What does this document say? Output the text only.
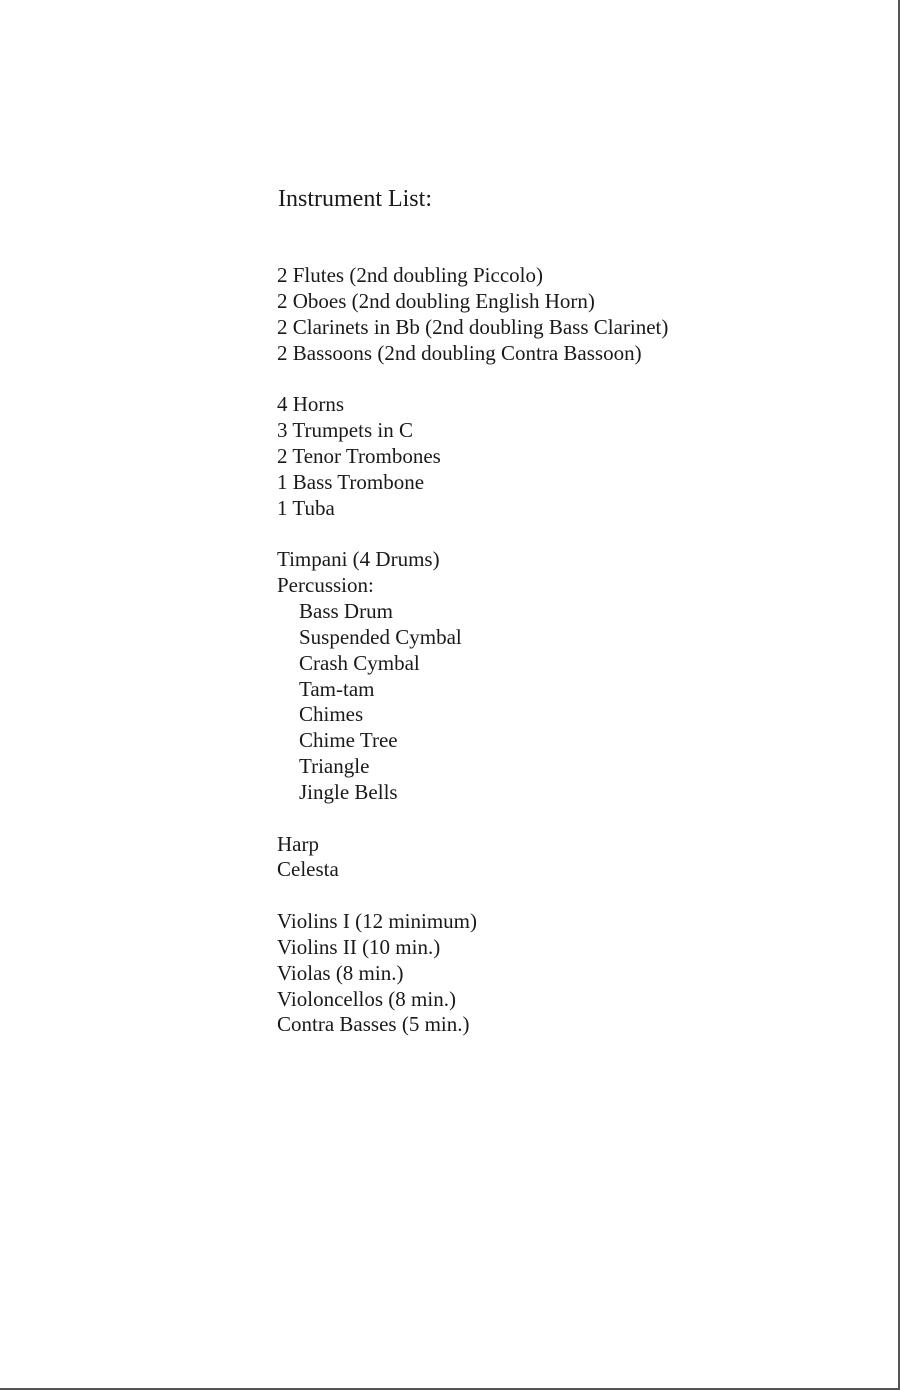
Instrument List:
2 Flutes (2nd doubling Piccolo)
2 Oboes (2nd doubling English Horn)
2 Clarinets in Bb (2nd doubling Bass Clarinet)
2 Bassoons (2nd doubling Contra Bassoon)
4 Horns
3 Trumpets in C
2 Tenor Trombones
1 Bass Trombone
1 Tuba
Timpani (4 Drums)
Percussion:
Bass Drum
Suspended Cymbal
Crash Cymbal
Tam-tam
Chimes
Chime Tree
Triangle
Jingle Bells
Harp
Celesta
Violins I (12 minimum)
Violins II (10 min.)
Violas (8 min.)
Violoncellos (8 min.)
Contra Basses (5 min.)
